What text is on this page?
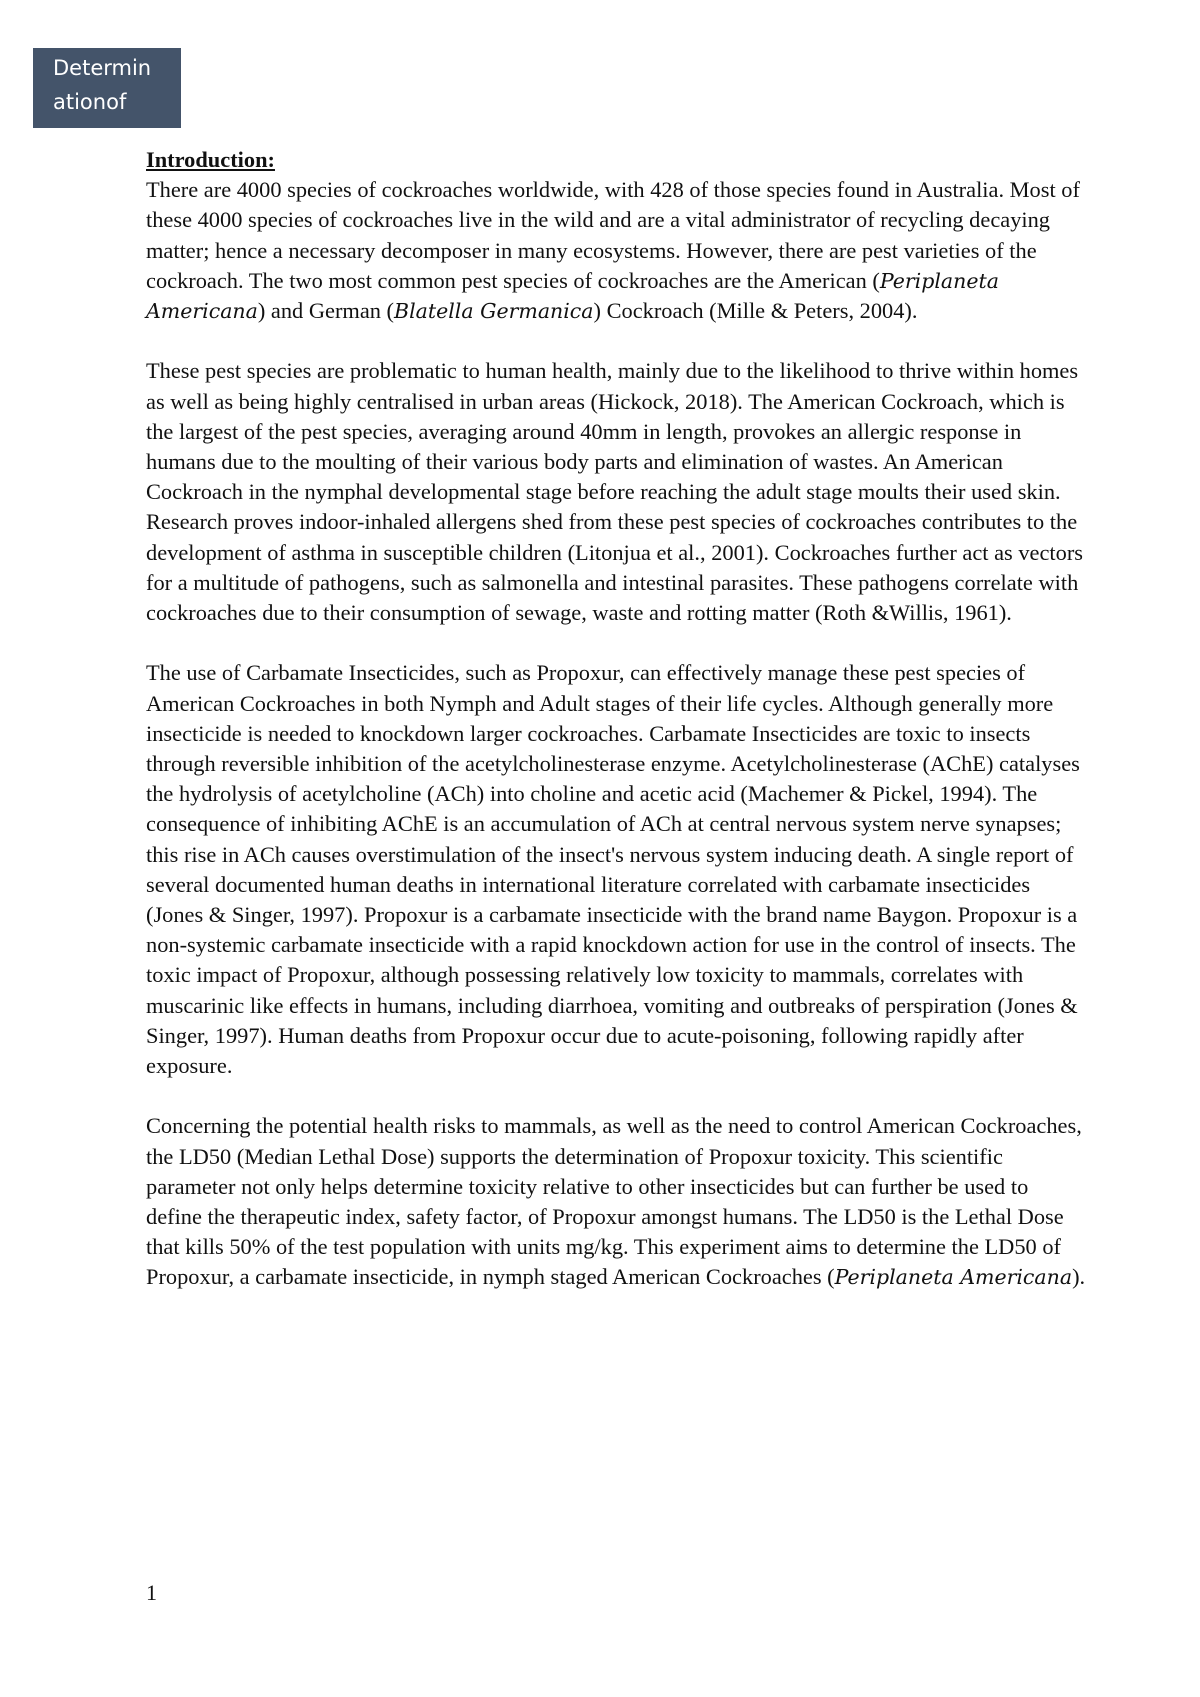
Determin
ationof

Introduction:

There are 4000 species of cockroaches worldwide, with 428 of those species found in Australia. Most of these 4000 species of cockroaches live in the wild and are a vital administrator of recycling decaying matter; hence a necessary decomposer in many ecosystems. However, there are pest varieties of the cockroach. The two most common pest species of cockroaches are the American (Periplaneta Americana) and German (Blatella Germanica) Cockroach (Mille & Peters, 2004).

These pest species are problematic to human health, mainly due to the likelihood to thrive within homes as well as being highly centralised in urban areas (Hickock, 2018). The American Cockroach, which is the largest of the pest species, averaging around 40mm in length, provokes an allergic response in humans due to the moulting of their various body parts and elimination of wastes. An American Cockroach in the nymphal developmental stage before reaching the adult stage moults their used skin. Research proves indoor-inhaled allergens shed from these pest species of cockroaches contributes to the development of asthma in susceptible children (Litonjua et al., 2001). Cockroaches further act as vectors for a multitude of pathogens, such as salmonella and intestinal parasites. These pathogens correlate with cockroaches due to their consumption of sewage, waste and rotting matter (Roth &Willis, 1961).

The use of Carbamate Insecticides, such as Propoxur, can effectively manage these pest species of American Cockroaches in both Nymph and Adult stages of their life cycles. Although generally more insecticide is needed to knockdown larger cockroaches. Carbamate Insecticides are toxic to insects through reversible inhibition of the acetylcholinesterase enzyme. Acetylcholinesterase (AChE) catalyses the hydrolysis of acetylcholine (ACh) into choline and acetic acid (Machemer & Pickel, 1994). The consequence of inhibiting AChE is an accumulation of ACh at central nervous system nerve synapses; this rise in ACh causes overstimulation of the insect's nervous system inducing death. A single report of several documented human deaths in international literature correlated with carbamate insecticides (Jones & Singer, 1997). Propoxur is a carbamate insecticide with the brand name Baygon. Propoxur is a non-systemic carbamate insecticide with a rapid knockdown action for use in the control of insects. The toxic impact of Propoxur, although possessing relatively low toxicity to mammals, correlates with muscarinic like effects in humans, including diarrhoea, vomiting and outbreaks of perspiration (Jones & Singer, 1997). Human deaths from Propoxur occur due to acute-poisoning, following rapidly after exposure.

Concerning the potential health risks to mammals, as well as the need to control American Cockroaches, the LD50 (Median Lethal Dose) supports the determination of Propoxur toxicity. This scientific parameter not only helps determine toxicity relative to other insecticides but can further be used to define the therapeutic index, safety factor, of Propoxur amongst humans. The LD50 is the Lethal Dose that kills 50% of the test population with units mg/kg. This experiment aims to determine the LD50 of Propoxur, a carbamate insecticide, in nymph staged American Cockroaches (Periplaneta Americana).

1
